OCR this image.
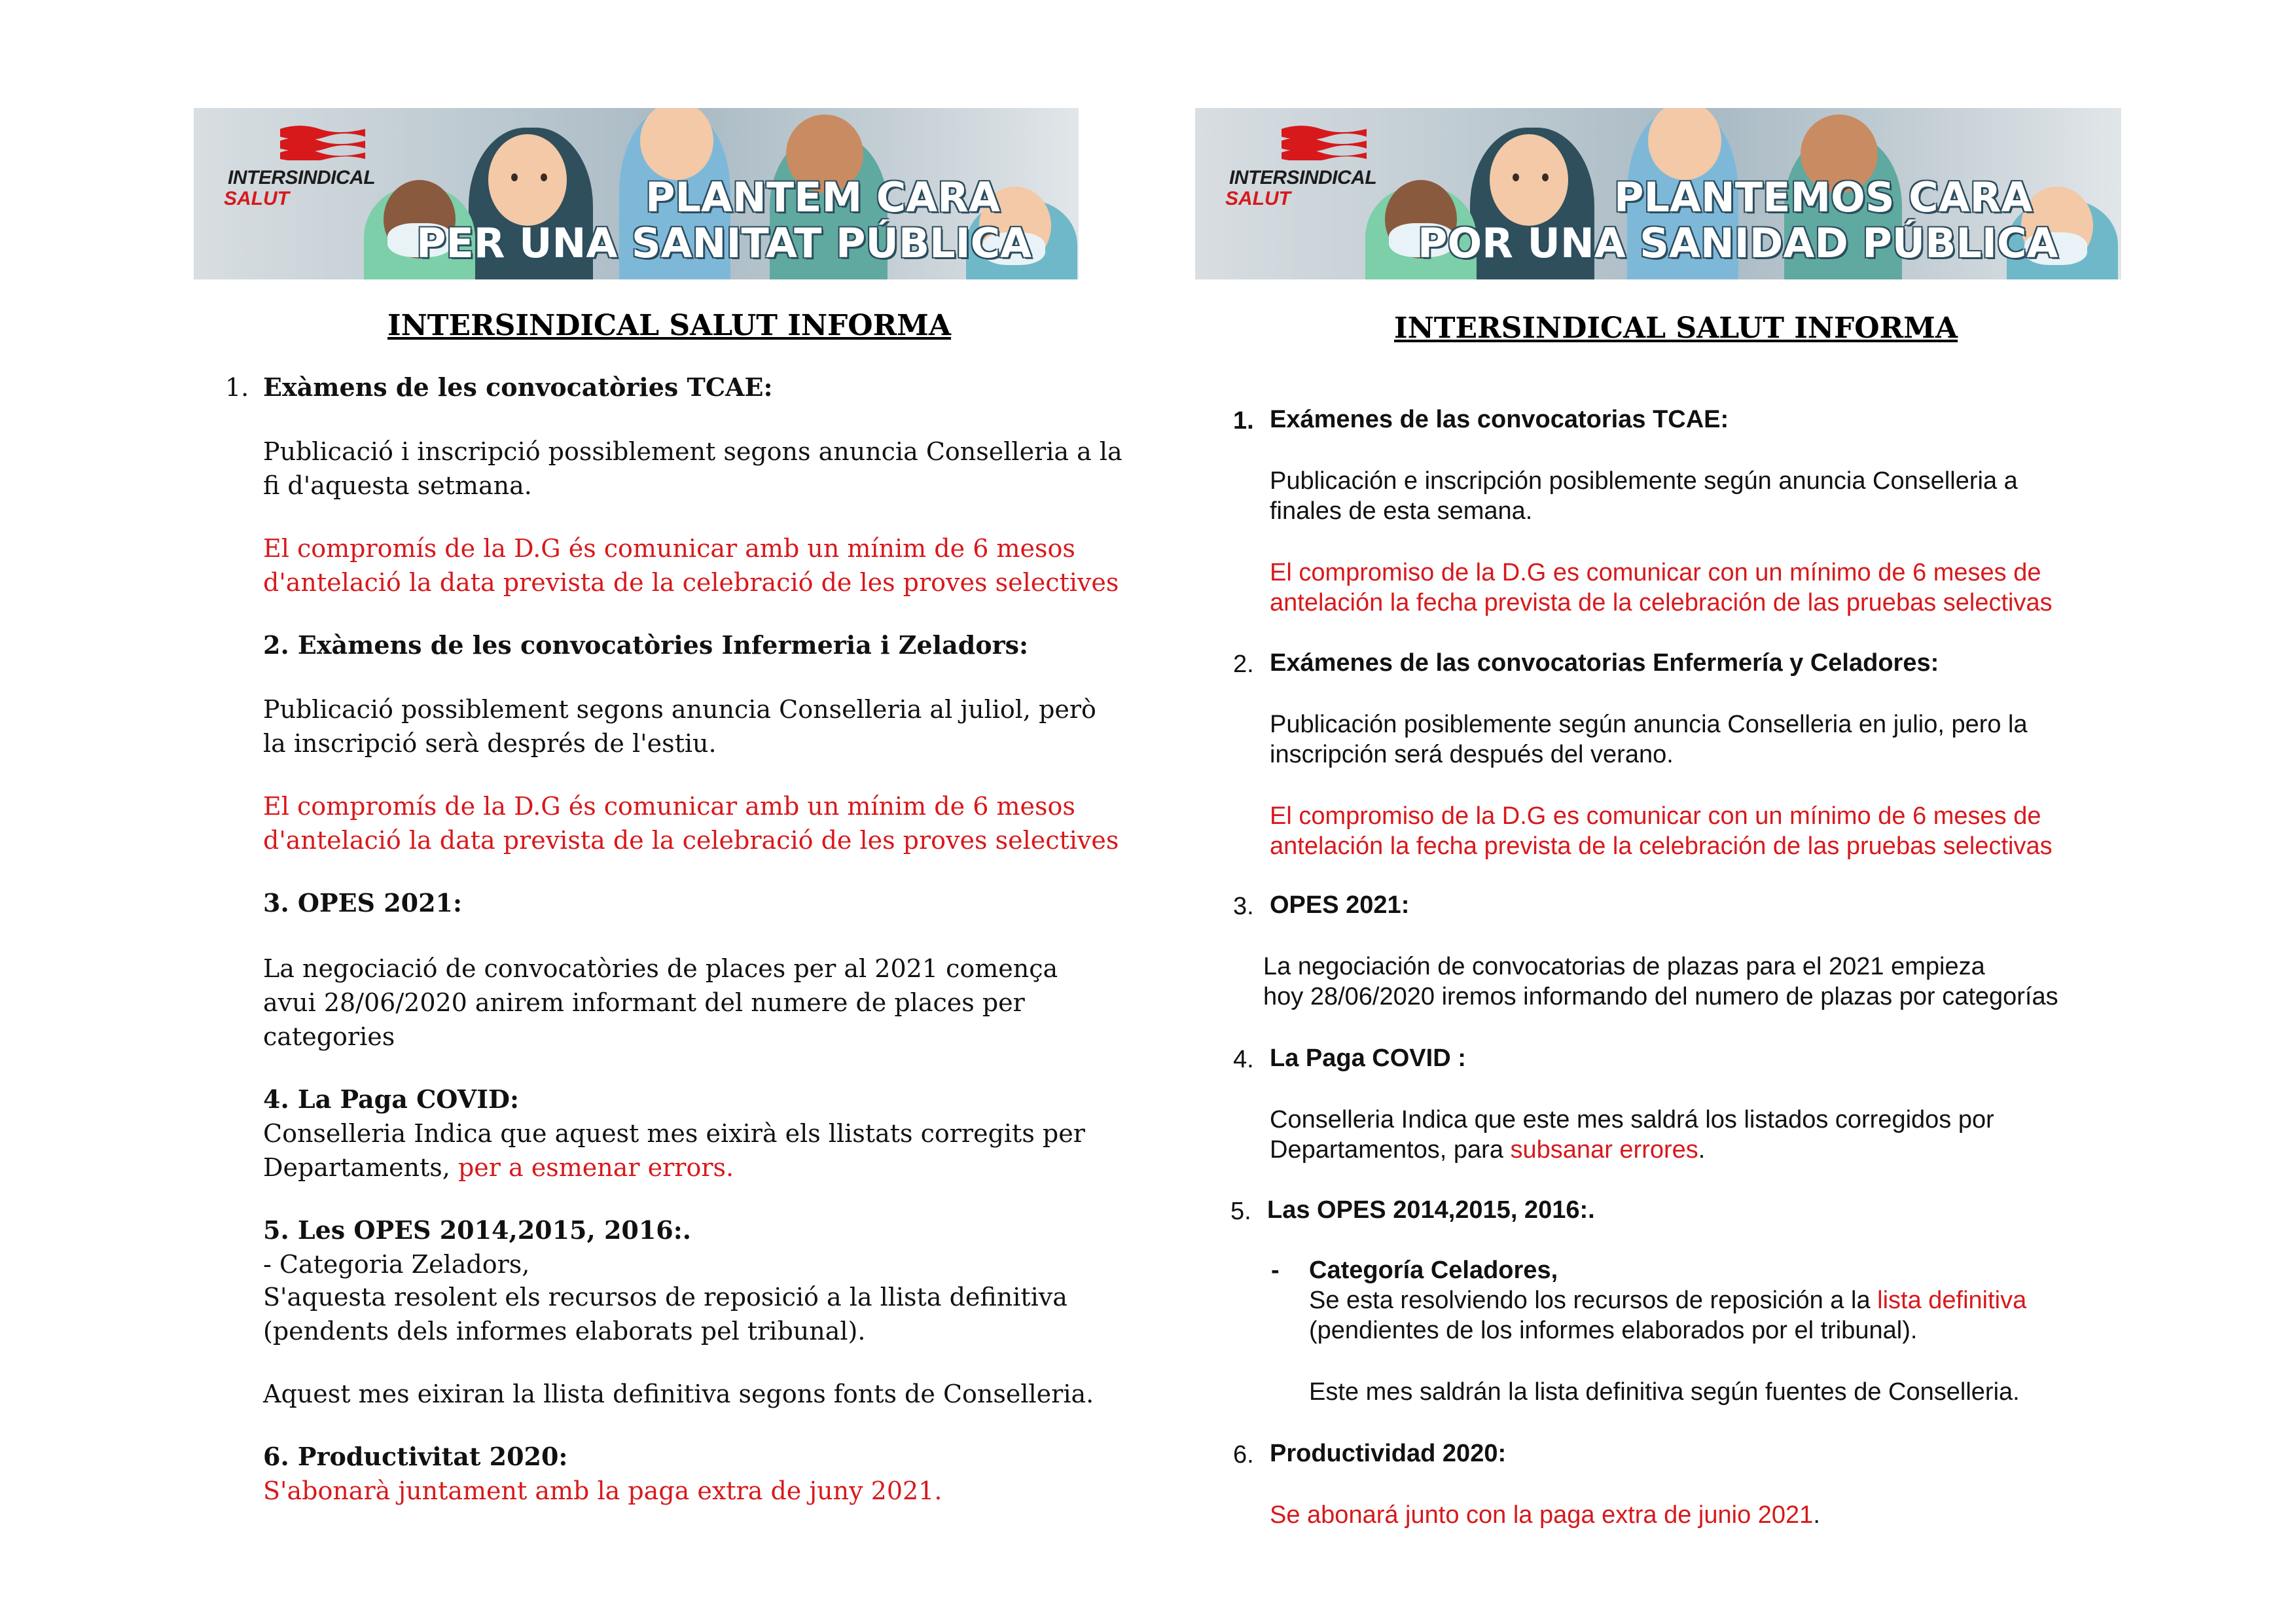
INTERSINDICAL
SALUT	PLANTEM CARA
PER UNA SANITAT PÚBLICA
INTERSINDICAL SALUT INFORMA
1. Exàmens de les convocatòries TCAE:
Publicació i inscripció possiblement segons anuncia Conselleria a la
fi d'aquesta setmana.
El compromís de la D.G és comunicar amb un mínim de 6 mesos
d'antelació la data prevista de la celebració de les proves selectives
2. Exàmens de les convocatòries Infermeria i Zeladors:
Publicació possiblement segons anuncia Conselleria al juliol, però
la inscripció serà després de l'estiu.
El compromís de la D.G és comunicar amb un mínim de 6 mesos
d'antelació la data prevista de la celebració de les proves selectives
3. OPES 2021:
La negociació de convocatòries de places per al 2021 comença
avui 28/06/2020 anirem informant del numere de places per
categories
4. La Paga COVID:
Conselleria Indica que aquest mes eixirà els llistats corregits per
Departaments, per a esmenar errors.
5. Les OPES 2014,2015, 2016:.
- Categoria Zeladors,
S'aquesta resolent els recursos de reposició a la llista definitiva
(pendents dels informes elaborats pel tribunal).
Aquest mes eixiran la llista definitiva segons fonts de Conselleria.
6. Productivitat 2020:
S'abonarà juntament amb la paga extra de juny 2021.
INTERSINDICAL
SALUT	PLANTEMOS CARA
POR UNA SANIDAD PÚBLICA
INTERSINDICAL SALUT INFORMA
1. Exámenes de las convocatorias TCAE:
Publicación e inscripción posiblemente según anuncia Conselleria a
finales de esta semana.
El compromiso de la D.G es comunicar con un mínimo de 6 meses de
antelación la fecha prevista de la celebración de las pruebas selectivas
2. Exámenes de las convocatorias Enfermería y Celadores:
Publicación posiblemente según anuncia Conselleria en julio, pero la
inscripción será después del verano.
El compromiso de la D.G es comunicar con un mínimo de 6 meses de
antelación la fecha prevista de la celebración de las pruebas selectivas
3. OPES 2021:
La negociación de convocatorias de plazas para el 2021 empieza
hoy 28/06/2020 iremos informando del numero de plazas por categorías
4. La Paga COVID :
Conselleria Indica que este mes saldrá los listados corregidos por
Departamentos, para subsanar errores.
5. Las OPES 2014,2015, 2016:.
- Categoría Celadores,
Se esta resolviendo los recursos de reposición a la lista definitiva
(pendientes de los informes elaborados por el tribunal).
Este mes saldrán la lista definitiva según fuentes de Conselleria.
6. Productividad 2020:
Se abonará junto con la paga extra de junio 2021.
